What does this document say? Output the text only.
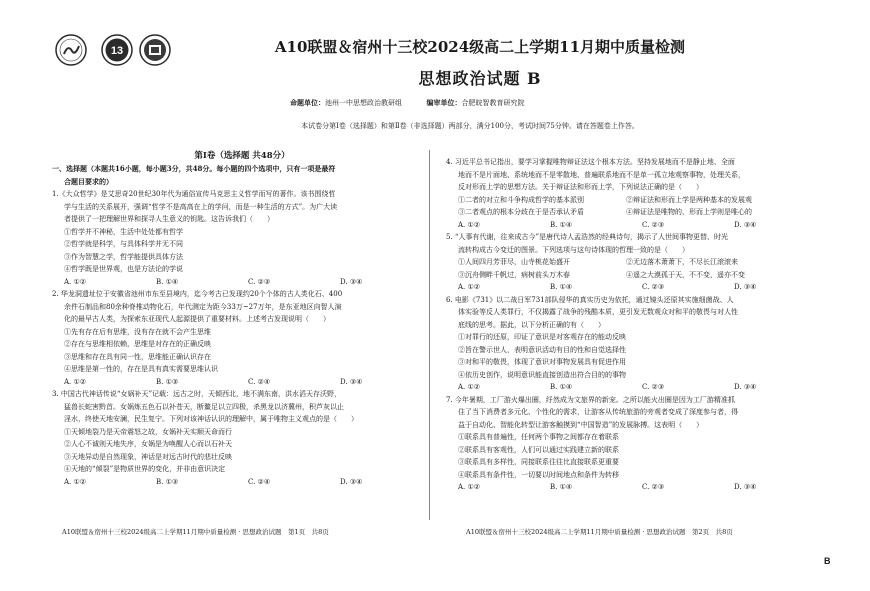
13	A10联盟＆宿州十三校2024级高二上学期11月期中质量检测
思想政治试题 B
命题单位：池州一中思想政治教研组	编审单位：合肥皖智教育研究院
本试卷分第Ⅰ卷（选择题）和第Ⅱ卷（非选择题）两部分，满分100分，考试时间75分钟。请在答题卷上作答。
第Ⅰ卷（选择题 共48分）

一、选择题（本题共16小题，每小题3分，共48分。每小题的四个选项中，只有一项是最符

合题目要求的）

1.《大众哲学》是艾思奇20世纪30年代为通俗宣传马克思主义哲学而写的著作。该书围绕哲

学与生活的关系展开，强调“哲学不是高高在上的学问，而是一种生活的方式”。为广大读

者提供了一把理解世界和探寻人生意义的钥匙。这告诉我们（　　）

①哲学并不神秘，生活中处处都有哲学

②哲学就是科学，与具体科学并无不同

③作为智慧之学，哲学能提供具体方法

④哲学既是世界观，也是方法论的学说

A. ①②	B. ①④	C. ②③	D. ③④

2. 华龙洞遗址位于安徽省池州市东至县境内，迄今考古已发现约20个个体的古人类化石、400

余件石制品和80余种脊椎动物化石，年代测定为距今33万~27万年，是东亚地区向智人演

化的最早古人类，为探索东亚现代人起源提供了重要材料。上述考古发现说明（　　）

①先有存在后有思维，没有存在就不会产生思维

②存在与思维相依赖，思维是对存在的正确反映

③思维和存在具有同一性，思维能正确认识存在

④思维是第一性的，存在是具有真实需要思维认识

A. ①②	B. ①③	C. ②④	D. ③④

3. 中国古代神话传说“女娲补天”记载：远古之时，天倾西北，地不满东南，洪水滔天存沃野，

猛兽长蛇害黔首。女娲炼五色石以补苍天，断鳌足以立四极，杀黑龙以济冀州，积芦灰以止

淫水，终使天地安澜，民生复宁。下列对该神话认识的理解中，属于唯物主义观点的是（　　）

①天倾地裂乃是天帝震怒之故，女娲补天实顺天命而行

②人心不诚则天地失序，女娲是为唤醒人心而以石补天

③天地异动是自然现象，神话是对远古时代的悲壮反映

④天地的“倾裂”是物质世界的变化，并非由意识决定

A. ①②	B. ①③	C. ②④	D. ③④

4. 习近平总书记指出，要学习掌握唯物辩证法这个根本方法。坚持发展地而不是静止地、全面

地而不是片面地、系统地而不是零散地、普遍联系地而不是单一孤立地观察事物，处理关系，

反对形而上学的思想方法。关于辩证法和形而上学，下列说法正确的是（　　）

①二者的对立和斗争构成哲学的基本派别	②辩证法和形而上学是两种基本的发展观

③二者观点的根本分歧在于是否承认矛盾	④辩证法是唯物的，形而上学则是唯心的

A. ①②	B. ①④	C. ②③	D. ③④

5. “人事有代谢，往来成古今”是唐代诗人孟浩然的经典诗句，揭示了人世间事物更替、时光

流转构成古今变迁的图景。下列选项与这句诗体现的哲理一致的是（　　）

①人间四月芳菲尽，山寺桃花始盛开	②无边落木萧萧下，不尽长江滚滚来

③沉舟侧畔千帆过，病树前头万木春	④遥之大漠孤于天，不不变，遥亦不变

A. ①②	B. ①④	C. ②③	D. ③④

6. 电影《731》以二战日军731部队侵华的真实历史为依托，通过镜头还原其实施细菌战、人

体实验等反人类罪行，不仅揭露了战争的残酷本质，更引发无数观众对和平的敬畏与对人性

底线的思考。据此，以下分析正确的有（　　）

①对罪行的还原，印证了意识是对客观存在的能动反映

②旨在警示世人，表明意识活动有目的性和自觉选择性

③对和平的敬畏，体现了意识对事物发展具有促进作用

④依历史创作，说明意识能直接创造出符合目的的事物

A. ①②	B. ①④	C. ②③	D. ③④

7. 今年暑期，工厂游火爆出圈，纾然成为文旅界的新宠。之所以能火出圈是因为工厂游精准抓

住了当下消费者多元化、个性化的需求，让游客从传统旅游的旁观者变成了深度参与者，得

益于自动化、智能化转型让游客触摸到“中国智造”的发展脉搏。这表明（　　）

①联系具有普遍性，任何两个事物之间都存在着联系

②联系具有客观性，人们可以通过实践建立新的联系

③联系具有多样性，同接联系往往比直接联系更重要

④联系具有条件性，一切要以时间地点和条件为转移

A. ①②	B. ①④	C. ②③	D. ③④

A10联盟＆宿州十三校2024级高二上学期11月期中质量检测 · 思想政治试题　第1页　共8页	A10联盟＆宿州十三校2024级高二上学期11月期中质量检测 · 思想政治试题　第2页　共8页
B
